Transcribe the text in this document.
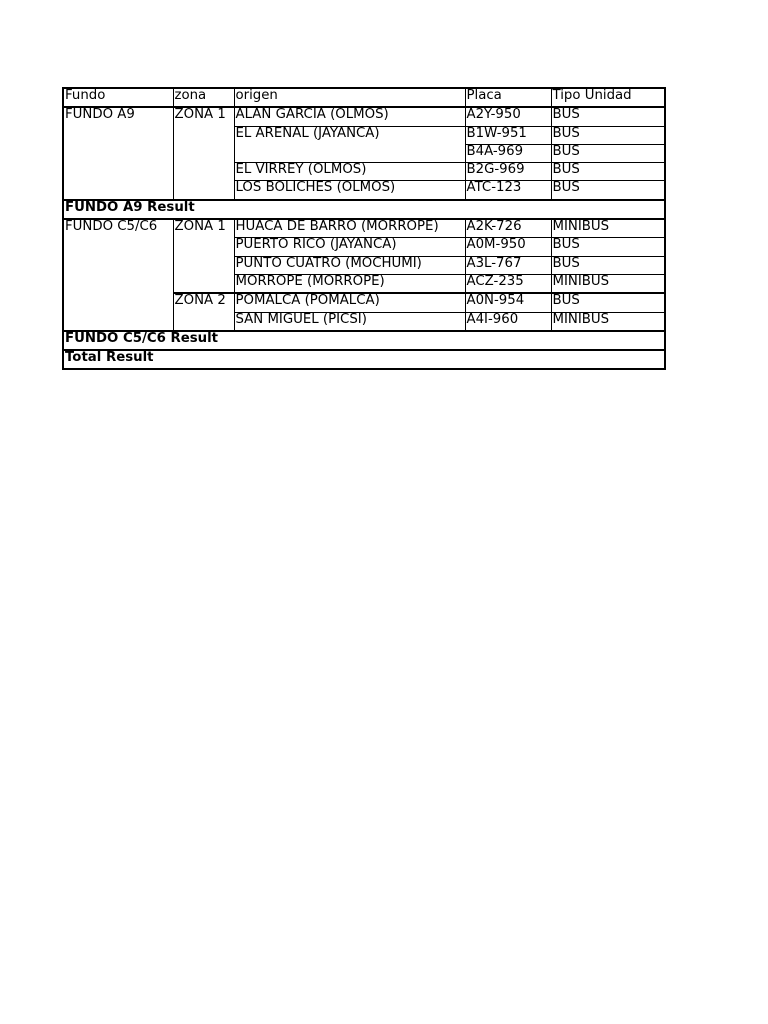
Fundo	zona	origen	Placa	Tipo Unidad
FUNDO A9	ZONA 1	ALAN GARCIA (OLMOS)	A2Y-950	BUS
		EL ARENAL (JAYANCA)	B1W-951	BUS
			B4A-969	BUS
		EL VIRREY (OLMOS)	B2G-969	BUS
		LOS BOLICHES (OLMOS)	ATC-123	BUS
FUNDO A9 Result				
FUNDO C5/C6	ZONA 1	HUACA DE BARRO (MORROPE)	A2K-726	MINIBUS
		PUERTO RICO (JAYANCA)	A0M-950	BUS
		PUNTO CUATRO (MOCHUMI)	A3L-767	BUS
		MORROPE (MORROPE)	ACZ-235	MINIBUS
	ZONA 2	POMALCA (POMALCA)	A0N-954	BUS
		SAN MIGUEL (PICSI)	A4I-960	MINIBUS
FUNDO C5/C6 Result				
Total Result				
